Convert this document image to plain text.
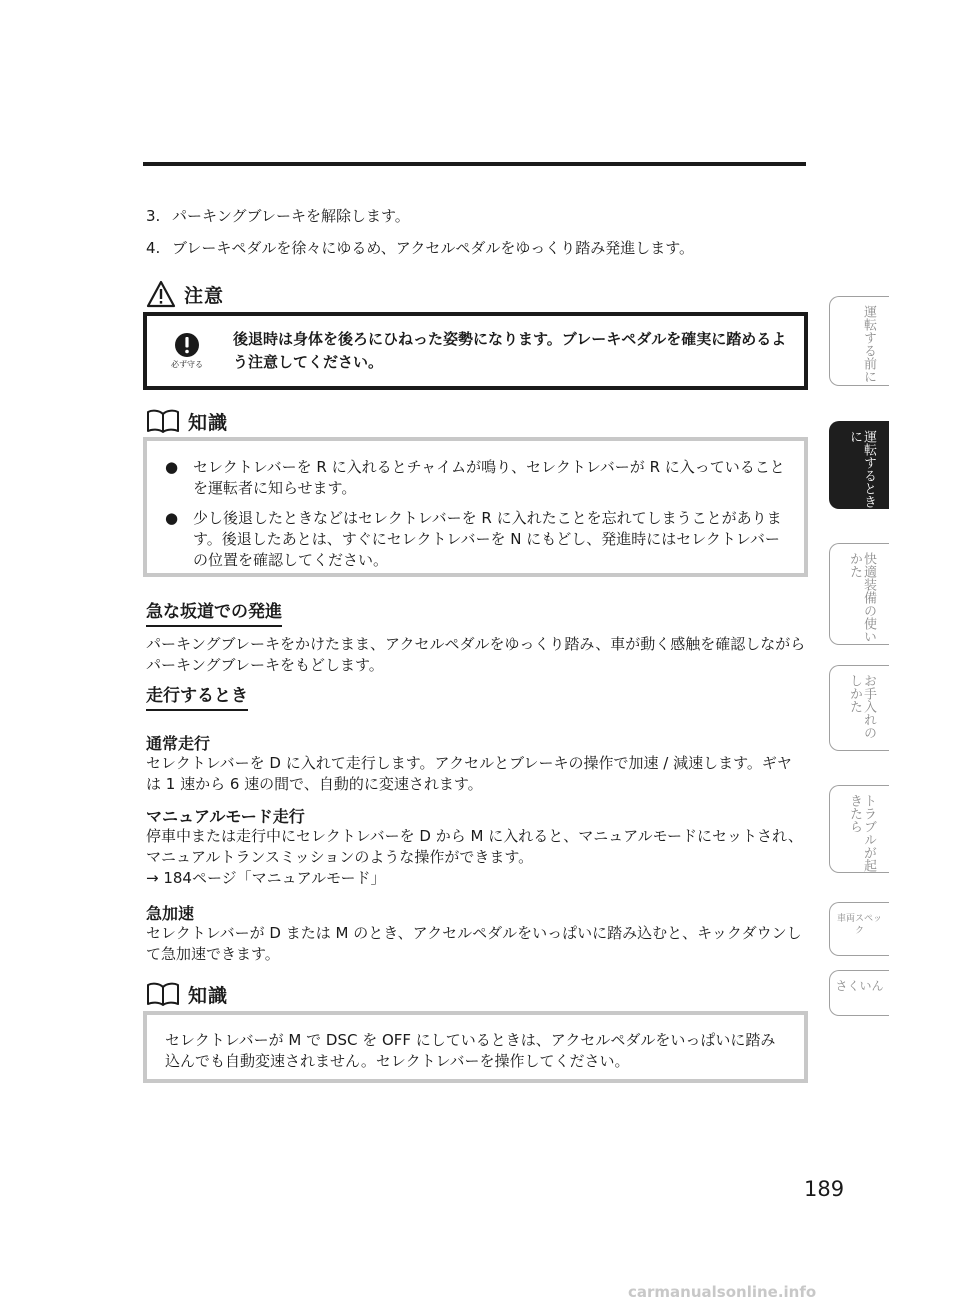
3. パーキングブレーキを解除します。
4. ブレーキペダルを徐々にゆるめ、アクセルペダルをゆっくり踏み発進します。
注意
必ず守る
後退時は身体を後ろにひねった姿勢になります。ブレーキペダルを確実に踏めるよう注意してください。
知識
● セレクトレバーを R に入れるとチャイムが鳴り、セレクトレバーが R に入っていることを運転者に知らせます。
● 少し後退したときなどはセレクトレバーを R に入れたことを忘れてしまうことがあります。後退したあとは、すぐにセレクトレバーを N にもどし、発進時にはセレクトレバーの位置を確認してください。
急な坂道での発進
パーキングブレーキをかけたまま、アクセルペダルをゆっくり踏み、車が動く感触を確認しながらパーキングブレーキをもどします。
走行するとき
通常走行
セレクトレバーを D に入れて走行します。アクセルとブレーキの操作で加速 / 減速します。ギヤは 1 速から 6 速の間で、自動的に変速されます。
マニュアルモード走行
停車中または走行中にセレクトレバーを D から M に入れると、マニュアルモードにセットされ、マニュアルトランスミッションのような操作ができます。
→ 184ページ「マニュアルモード」
急加速
セレクトレバーが D または M のとき、アクセルペダルをいっぱいに踏み込むと、キックダウンして急加速できます。
知識
セレクトレバーが M で DSC を OFF にしているときは、アクセルペダルをいっぱいに踏み込んでも自動変速されません。セレクトレバーを操作してください。
運転する前に
運転するときに
快適装備の使いかた
お手入れのしかた
トラブルが起きたら
車両スペック
さくいん
189
carmanualsonline.info
